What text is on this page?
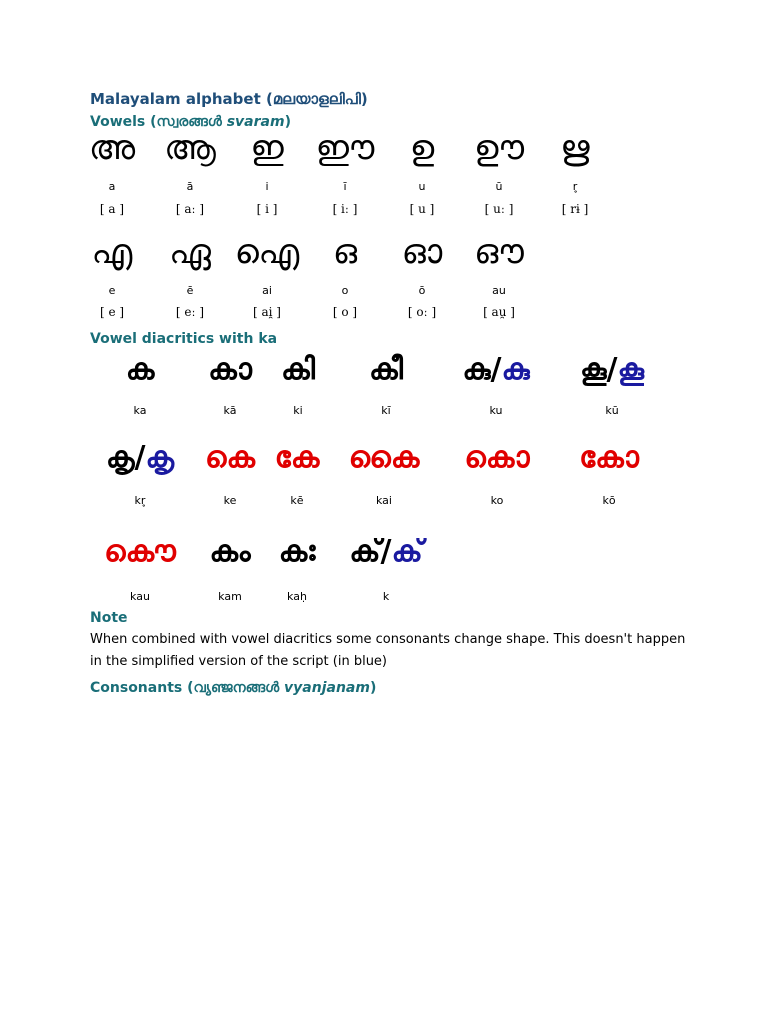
Malayalam alphabet (മലയാളലിപി)
Vowels (സ്വരങ്ങൾ svaram)
അ ആ ഇ ഈ ഉ ഊ ഋ
a	ā	i	ī	u	ū	r̥
[ a ]	[ aː ]	[ i ]	[ iː ]	[ u ]	[ uː ]	[ rɨ ]
എ ഏ ഐ ഒ ഓ ഔ
e	ē	ai	o	ō	au
[ e ]	[ eː ]	[ ai̯ ]	[ o ]	[ oː ]	[ au̯ ]
Vowel diacritics with ka
ക കാ കി കീ കു/കു കൂ/കൂ
ka	kā	ki	kī	ku	kū
കൃ/കൃ കെ കേ കൈ കൊ കോ
kr̥	ke	kē	kai	ko	kō
കൌ കം കഃ ക്/ക്
kau	kam	kaḥ	k
Note
When combined with vowel diacritics some consonants change shape. This doesn't happen in the simplified version of the script (in blue)
Consonants (വ്യഞ്ജനങ്ങൾ vyanjanam)
